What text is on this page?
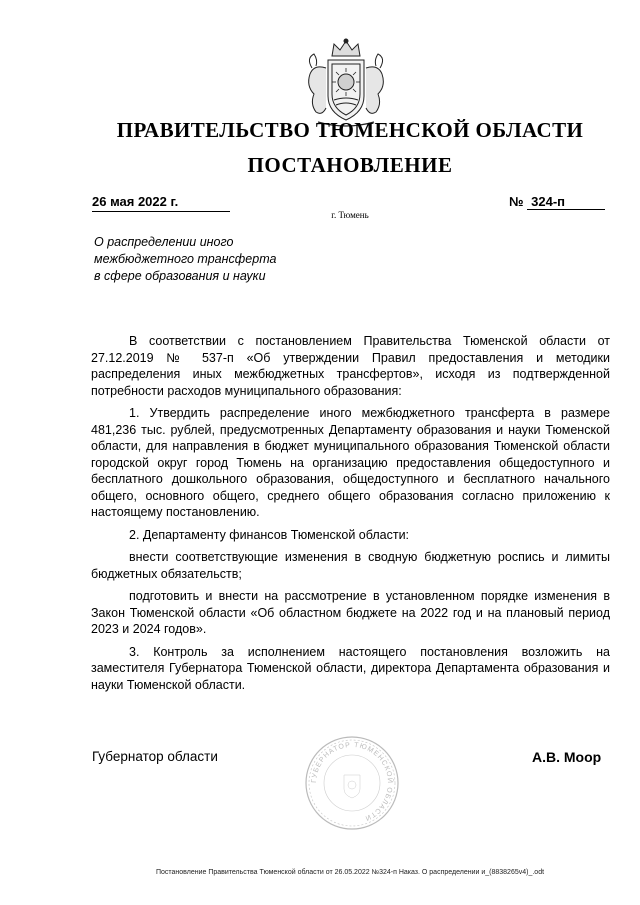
ПРАВИТЕЛЬСТВО ТЮМЕНСКОЙ ОБЛАСТИ
ПОСТАНОВЛЕНИЕ
26 мая 2022 г.	№ 324-п
г. Тюмень
О распределении иного
межбюджетного трансферта
в сфере образования и науки

В соответствии с постановлением Правительства Тюменской области от 27.12.2019 № 537-п «Об утверждении Правил предоставления и методики распределения иных межбюджетных трансфертов», исходя из подтвержденной потребности расходов муниципального образования:

1. Утвердить распределение иного межбюджетного трансферта в размере 481,236 тыс. рублей, предусмотренных Департаменту образования и науки Тюменской области, для направления в бюджет муниципального образования Тюменской области городской округ город Тюмень на организацию предоставления общедоступного и бесплатного дошкольного образования, общедоступного и бесплатного начального общего, основного общего, среднего общего образования согласно приложению к настоящему постановлению.

2. Департаменту финансов Тюменской области:

внести соответствующие изменения в сводную бюджетную роспись и лимиты бюджетных обязательств;

подготовить и внести на рассмотрение в установленном порядке изменения в Закон Тюменской области «Об областном бюджете на 2022 год и на плановый период 2023 и 2024 годов».

3. Контроль за исполнением настоящего постановления возложить на заместителя Губернатора Тюменской области, директора Департамента образования и науки Тюменской области.

ГУБЕРНАТОР ТЮМЕНСКОЙ ОБЛАСТИ
Губернатор области	А.В. Моор
Постановление Правительства Тюменской области от 26.05.2022 №324-п Наказ. О распределении и_(8838265v4)_.odt
